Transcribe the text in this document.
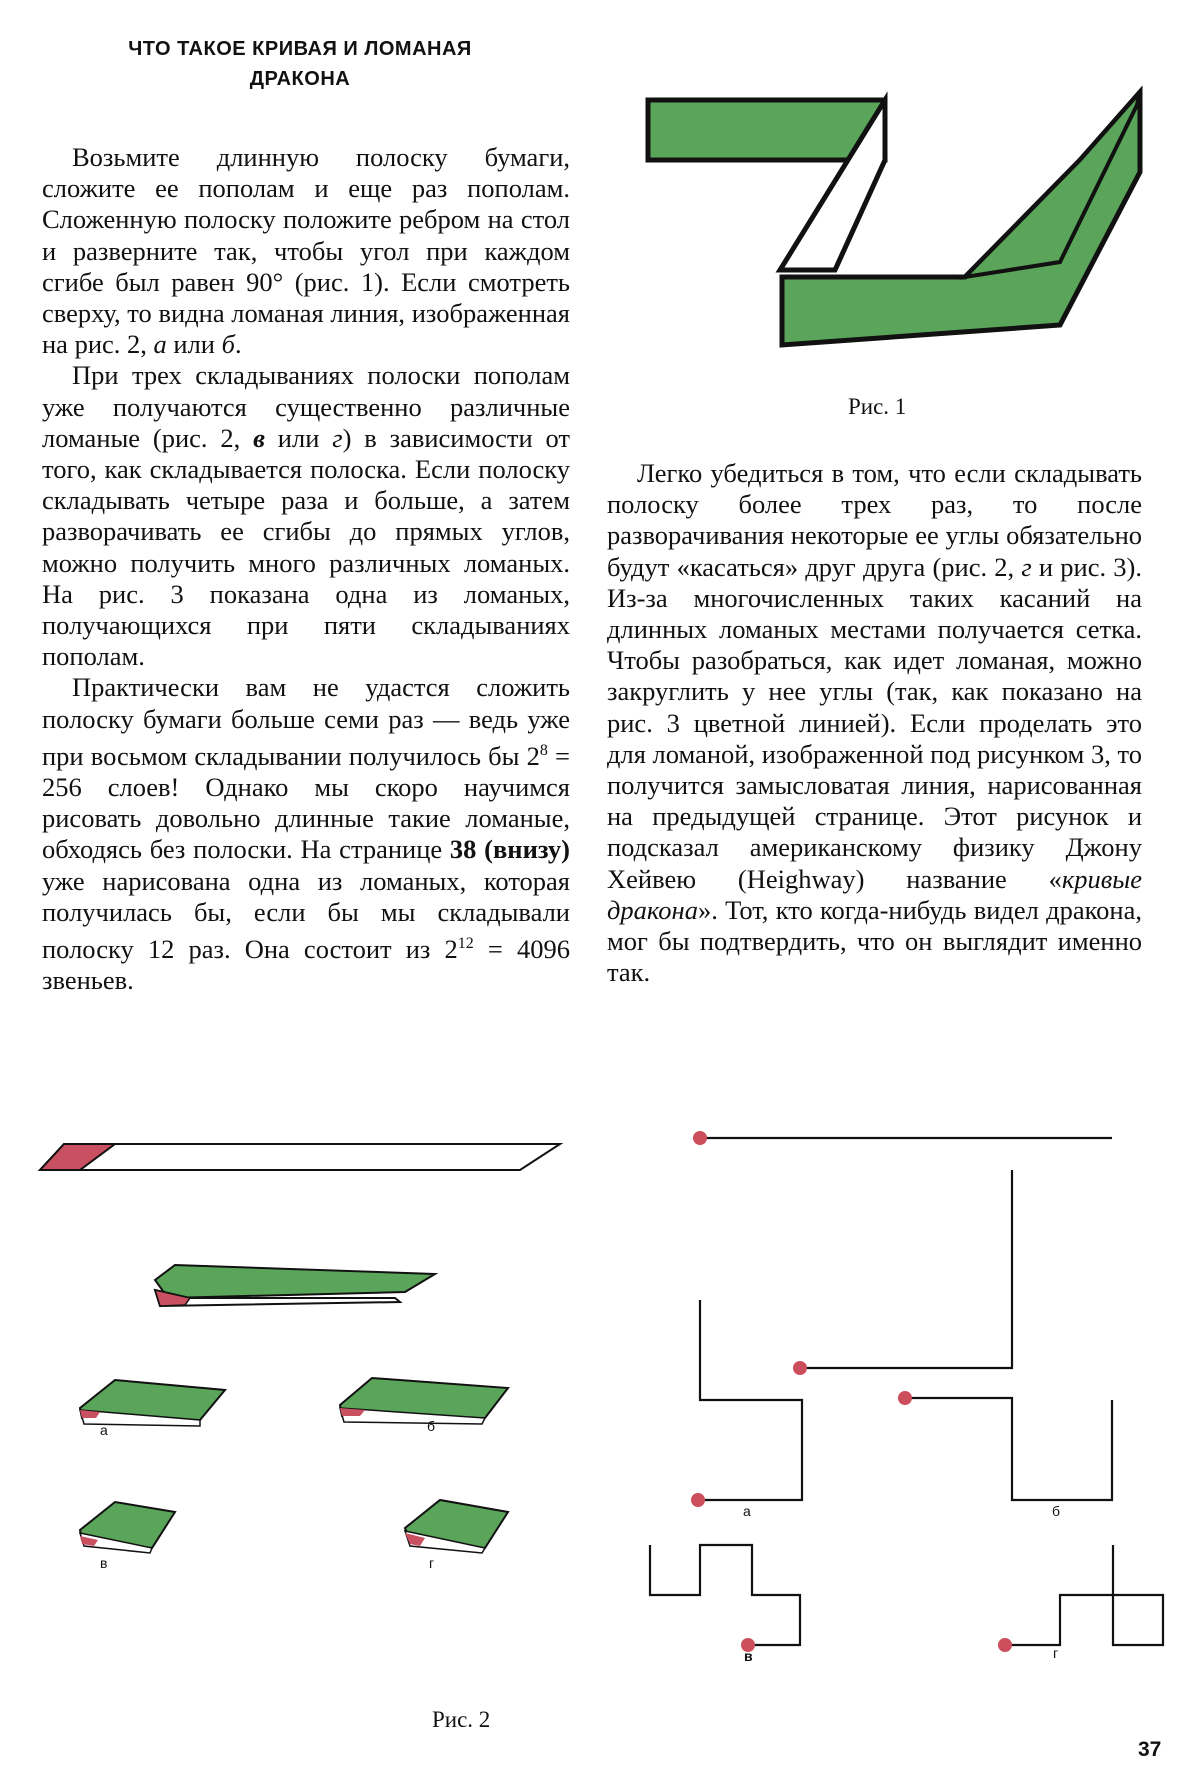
ЧТО ТАКОЕ КРИВАЯ И ЛОМАНАЯ
ДРАКОНА

Возьмите длинную полоску бумаги, сложите ее пополам и еще раз пополам. Сложенную полоску положите ребром на стол и разверните так, чтобы угол при каждом сгибе был равен 90° (рис. 1). Если смотреть сверху, то видна ломаная линия, изображенная на рис. 2, а или б.

При трех складываниях полоски пополам уже получаются существенно различные ломаные (рис. 2, в или г) в зависимости от того, как складывается полоска. Если полоску складывать четыре раза и больше, а затем разворачивать ее сгибы до прямых углов, можно получить много различных ломаных. На рис. 3 показана одна из ломаных, получающихся при пяти складываниях пополам.

Практически вам не удастся сложить полоску бумаги больше семи раз — ведь уже при восьмом складывании получилось бы $2^8 = 256$ слоев! Однако мы скоро научимся рисовать довольно длинные такие ломаные, обходясь без полоски. На странице 38 (внизу) уже нарисована одна из ломаных, которая получилась бы, если бы мы складывали полоску 12 раз. Она состоит из $2^{12} = 4096$ звеньев.

Легко убедиться в том, что если складывать полоску более трех раз, то после разворачивания некоторые ее углы обязательно будут «касаться» друг друга (рис. 2, г и рис. 3). Из-за многочисленных таких касаний на длинных ломаных местами получается сетка. Чтобы разобраться, как идет ломаная, можно закруглить у нее углы (так, как показано на рис. 3 цветной линией). Если проделать это для ломаной, изображенной под рисунком 3, то получится замысловатая линия, нарисованная на предыдущей странице. Этот рисунок и подсказал американскому физику Джону Хейвею (Heighway) название «кривые дракона». Тот, кто когда-нибудь видел дракона, мог бы подтвердить, что он выглядит именно так.

Рис. 1
а	б
в	г
а	б
в	г
Рис. 2
37
